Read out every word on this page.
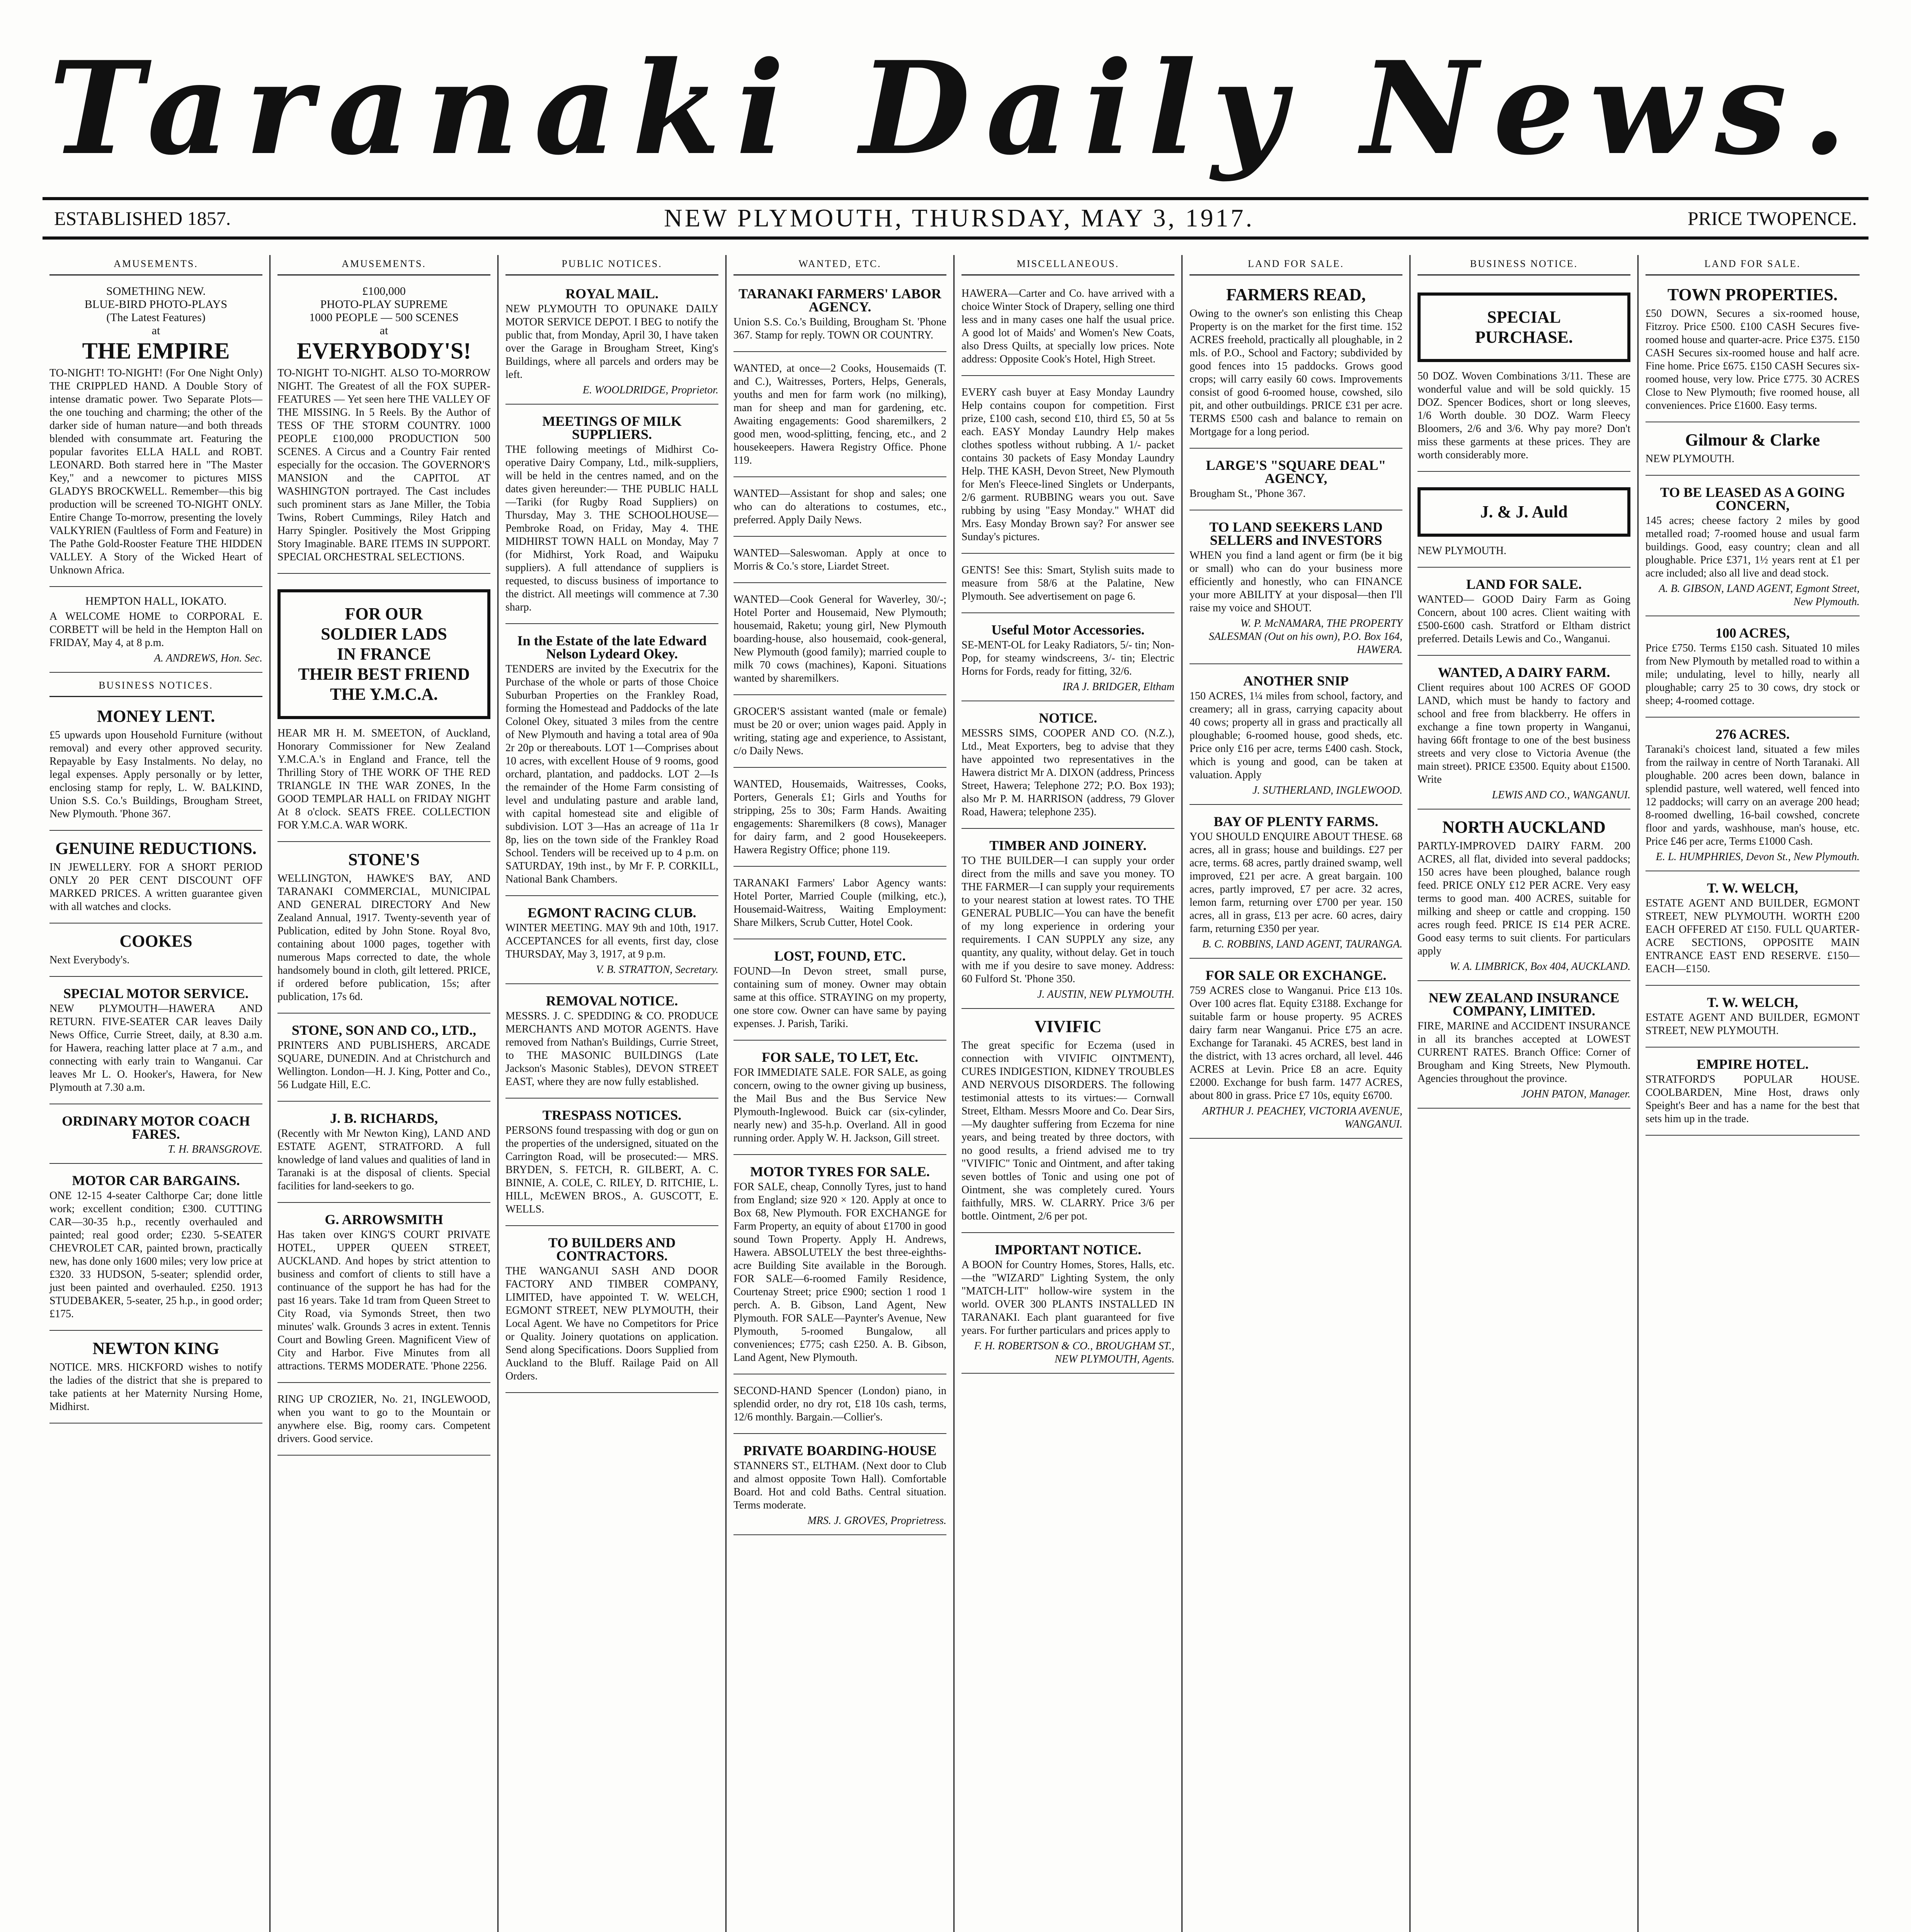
Taranaki Daily News.
ESTABLISHED 1857.	NEW PLYMOUTH, THURSDAY, MAY 3, 1917.	PRICE TWOPENCE.
AMUSEMENTS.
SOMETHING NEW.
BLUE-BIRD PHOTO-PLAYS
(The Latest Features)
at
THE EMPIRE

TO-NIGHT! TO-NIGHT! (For One Night Only) THE CRIPPLED HAND. A Double Story of intense dramatic power. Two Separate Plots—the one touching and charming; the other of the darker side of human nature—and both threads blended with consummate art. Featuring the popular favorites ELLA HALL and ROBT. LEONARD. Both starred here in "The Master Key," and a newcomer to pictures MISS GLADYS BROCKWELL. Remember—this big production will be screened TO-NIGHT ONLY. Entire Change To-morrow, presenting the lovely VALKYRIEN (Faultless of Form and Feature) in The Pathe Gold-Rooster Feature THE HIDDEN VALLEY. A Story of the Wicked Heart of Unknown Africa.

HEMPTON HALL, IOKATO.

A WELCOME HOME to CORPORAL E. CORBETT will be held in the Hempton Hall on FRIDAY, May 4, at 8 p.m.

A. ANDREWS, Hon. Sec.
BUSINESS NOTICES.
MONEY LENT.

£5 upwards upon Household Furniture (without removal) and every other approved security. Repayable by Easy Instalments. No delay, no legal expenses. Apply personally or by letter, enclosing stamp for reply, L. W. BALKIND, Union S.S. Co.'s Buildings, Brougham Street, New Plymouth. 'Phone 367.

GENUINE REDUCTIONS.

IN JEWELLERY. FOR A SHORT PERIOD ONLY 20 PER CENT DISCOUNT OFF MARKED PRICES. A written guarantee given with all watches and clocks.

COOKES

Next Everybody's.

SPECIAL MOTOR SERVICE.

NEW PLYMOUTH—HAWERA AND RETURN. FIVE-SEATER CAR leaves Daily News Office, Currie Street, daily, at 8.30 a.m. for Hawera, reaching latter place at 7 a.m., and connecting with early train to Wanganui. Car leaves Mr L. O. Hooker's, Hawera, for New Plymouth at 7.30 a.m.

ORDINARY MOTOR COACH FARES.
T. H. BRANSGROVE.
MOTOR CAR BARGAINS.

ONE 12-15 4-seater Calthorpe Car; done little work; excellent condition; £300. CUTTING CAR—30-35 h.p., recently overhauled and painted; real good order; £230. 5-SEATER CHEVROLET CAR, painted brown, practically new, has done only 1600 miles; very low price at £320. 33 HUDSON, 5-seater; splendid order, just been painted and overhauled. £250. 1913 STUDEBAKER, 5-seater, 25 h.p., in good order; £175.

NEWTON KING

NOTICE. MRS. HICKFORD wishes to notify the ladies of the district that she is prepared to take patients at her Maternity Nursing Home, Midhirst.

AMUSEMENTS.
£100,000
PHOTO-PLAY SUPREME
1000 PEOPLE — 500 SCENES
at
EVERYBODY'S!

TO-NIGHT TO-NIGHT. ALSO TO-MORROW NIGHT. The Greatest of all the FOX SUPER-FEATURES — Yet seen here THE VALLEY OF THE MISSING. In 5 Reels. By the Author of TESS OF THE STORM COUNTRY. 1000 PEOPLE £100,000 PRODUCTION 500 SCENES. A Circus and a Country Fair rented especially for the occasion. The GOVERNOR'S MANSION and the CAPITOL AT WASHINGTON portrayed. The Cast includes such prominent stars as Jane Miller, the Tobia Twins, Robert Cummings, Riley Hatch and Harry Spingler. Positively the Most Gripping Story Imaginable. BARE ITEMS IN SUPPORT. SPECIAL ORCHESTRAL SELECTIONS.

FOR OUR
SOLDIER LADS
IN FRANCE
THEIR BEST FRIEND
THE Y.M.C.A.

HEAR MR H. M. SMEETON, of Auckland, Honorary Commissioner for New Zealand Y.M.C.A.'s in England and France, tell the Thrilling Story of THE WORK OF THE RED TRIANGLE IN THE WAR ZONES, In the GOOD TEMPLAR HALL on FRIDAY NIGHT At 8 o'clock. SEATS FREE. COLLECTION FOR Y.M.C.A. WAR WORK.

STONE'S

WELLINGTON, HAWKE'S BAY, AND TARANAKI COMMERCIAL, MUNICIPAL AND GENERAL DIRECTORY And New Zealand Annual, 1917. Twenty-seventh year of Publication, edited by John Stone. Royal 8vo, containing about 1000 pages, together with numerous Maps corrected to date, the whole handsomely bound in cloth, gilt lettered. PRICE, if ordered before publication, 15s; after publication, 17s 6d.

STONE, SON AND CO., LTD.,

PRINTERS AND PUBLISHERS, ARCADE SQUARE, DUNEDIN. And at Christchurch and Wellington. London—H. J. King, Potter and Co., 56 Ludgate Hill, E.C.

J. B. RICHARDS,

(Recently with Mr Newton King), LAND AND ESTATE AGENT, STRATFORD. A full knowledge of land values and qualities of land in Taranaki is at the disposal of clients. Special facilities for land-seekers to go.

G. ARROWSMITH

Has taken over KING'S COURT PRIVATE HOTEL, UPPER QUEEN STREET, AUCKLAND. And hopes by strict attention to business and comfort of clients to still have a continuance of the support he has had for the past 16 years. Take 1d tram from Queen Street to City Road, via Symonds Street, then two minutes' walk. Grounds 3 acres in extent. Tennis Court and Bowling Green. Magnificent View of City and Harbor. Five Minutes from all attractions. TERMS MODERATE. 'Phone 2256.

RING UP CROZIER, No. 21, INGLEWOOD, when you want to go to the Mountain or anywhere else. Big, roomy cars. Competent drivers. Good service.

PUBLIC NOTICES.
ROYAL MAIL.

NEW PLYMOUTH TO OPUNAKE DAILY MOTOR SERVICE DEPOT. I BEG to notify the public that, from Monday, April 30, I have taken over the Garage in Brougham Street, King's Buildings, where all parcels and orders may be left.

E. WOOLDRIDGE, Proprietor.
MEETINGS OF MILK SUPPLIERS.

THE following meetings of Midhirst Co-operative Dairy Company, Ltd., milk-suppliers, will be held in the centres named, and on the dates given hereunder:— THE PUBLIC HALL—Tariki (for Rugby Road Suppliers) on Thursday, May 3. THE SCHOOLHOUSE—Pembroke Road, on Friday, May 4. THE MIDHIRST TOWN HALL on Monday, May 7 (for Midhirst, York Road, and Waipuku suppliers). A full attendance of suppliers is requested, to discuss business of importance to the district. All meetings will commence at 7.30 sharp.

In the Estate of the late Edward Nelson Lydeard Okey.

TENDERS are invited by the Executrix for the Purchase of the whole or parts of those Choice Suburban Properties on the Frankley Road, forming the Homestead and Paddocks of the late Colonel Okey, situated 3 miles from the centre of New Plymouth and having a total area of 90a 2r 20p or thereabouts. LOT 1—Comprises about 10 acres, with excellent House of 9 rooms, good orchard, plantation, and paddocks. LOT 2—Is the remainder of the Home Farm consisting of level and undulating pasture and arable land, with capital homestead site and eligible of subdivision. LOT 3—Has an acreage of 11a 1r 8p, lies on the town side of the Frankley Road School. Tenders will be received up to 4 p.m. on SATURDAY, 19th inst., by Mr F. P. CORKILL, National Bank Chambers.

EGMONT RACING CLUB.

WINTER MEETING. MAY 9th and 10th, 1917. ACCEPTANCES for all events, first day, close THURSDAY, May 3, 1917, at 9 p.m.

V. B. STRATTON, Secretary.
REMOVAL NOTICE.

MESSRS. J. C. SPEDDING & CO. PRODUCE MERCHANTS AND MOTOR AGENTS. Have removed from Nathan's Buildings, Currie Street, to THE MASONIC BUILDINGS (Late Jackson's Masonic Stables), DEVON STREET EAST, where they are now fully established.

TRESPASS NOTICES.

PERSONS found trespassing with dog or gun on the properties of the undersigned, situated on the Carrington Road, will be prosecuted:— MRS. BRYDEN, S. FETCH, R. GILBERT, A. C. BINNIE, A. COLE, C. RILEY, D. RITCHIE, L. HILL, McEWEN BROS., A. GUSCOTT, E. WELLS.

TO BUILDERS AND CONTRACTORS.

THE WANGANUI SASH AND DOOR FACTORY AND TIMBER COMPANY, LIMITED, have appointed T. W. WELCH, EGMONT STREET, NEW PLYMOUTH, their Local Agent. We have no Competitors for Price or Quality. Joinery quotations on application. Send along Specifications. Doors Supplied from Auckland to the Bluff. Railage Paid on All Orders.

WANTED, ETC.
TARANAKI FARMERS' LABOR AGENCY.

Union S.S. Co.'s Building, Brougham St. 'Phone 367. Stamp for reply. TOWN OR COUNTRY.

WANTED, at once—2 Cooks, Housemaids (T. and C.), Waitresses, Porters, Helps, Generals, youths and men for farm work (no milking), man for sheep and man for gardening, etc. Awaiting engagements: Good sharemilkers, 2 good men, wood-splitting, fencing, etc., and 2 housekeepers. Hawera Registry Office. Phone 119.

WANTED—Assistant for shop and sales; one who can do alterations to costumes, etc., preferred. Apply Daily News.

WANTED—Saleswoman. Apply at once to Morris & Co.'s store, Liardet Street.

WANTED—Cook General for Waverley, 30/-; Hotel Porter and Housemaid, New Plymouth; housemaid, Raketu; young girl, New Plymouth boarding-house, also housemaid, cook-general, New Plymouth (good family); married couple to milk 70 cows (machines), Kaponi. Situations wanted by sharemilkers.

GROCER'S assistant wanted (male or female) must be 20 or over; union wages paid. Apply in writing, stating age and experience, to Assistant, c/o Daily News.

WANTED, Housemaids, Waitresses, Cooks, Porters, Generals £1; Girls and Youths for stripping, 25s to 30s; Farm Hands. Awaiting engagements: Sharemilkers (8 cows), Manager for dairy farm, and 2 good Housekeepers. Hawera Registry Office; phone 119.

TARANAKI Farmers' Labor Agency wants: Hotel Porter, Married Couple (milking, etc.), Housemaid-Waitress, Waiting Employment: Share Milkers, Scrub Cutter, Hotel Cook.

LOST, FOUND, ETC.

FOUND—In Devon street, small purse, containing sum of money. Owner may obtain same at this office. STRAYING on my property, one store cow. Owner can have same by paying expenses. J. Parish, Tariki.

FOR SALE, TO LET, Etc.

FOR IMMEDIATE SALE. FOR SALE, as going concern, owing to the owner giving up business, the Mail Bus and the Bus Service New Plymouth-Inglewood. Buick car (six-cylinder, nearly new) and 35-h.p. Overland. All in good running order. Apply W. H. Jackson, Gill street.

MOTOR TYRES FOR SALE.

FOR SALE, cheap, Connolly Tyres, just to hand from England; size 920 × 120. Apply at once to Box 68, New Plymouth. FOR EXCHANGE for Farm Property, an equity of about £1700 in good sound Town Property. Apply H. Andrews, Hawera. ABSOLUTELY the best three-eighths-acre Building Site available in the Borough. FOR SALE—6-roomed Family Residence, Courtenay Street; price £900; section 1 rood 1 perch. A. B. Gibson, Land Agent, New Plymouth. FOR SALE—Paynter's Avenue, New Plymouth, 5-roomed Bungalow, all conveniences; £775; cash £250. A. B. Gibson, Land Agent, New Plymouth.

SECOND-HAND Spencer (London) piano, in splendid order, no dry rot, £18 10s cash, terms, 12/6 monthly. Bargain.—Collier's.

PRIVATE BOARDING-HOUSE

STANNERS ST., ELTHAM. (Next door to Club and almost opposite Town Hall). Comfortable Board. Hot and cold Baths. Central situation. Terms moderate.

MRS. J. GROVES, Proprietress.
MISCELLANEOUS.

HAWERA—Carter and Co. have arrived with a choice Winter Stock of Drapery, selling one third less and in many cases one half the usual price. A good lot of Maids' and Women's New Coats, also Dress Quilts, at specially low prices. Note address: Opposite Cook's Hotel, High Street.

EVERY cash buyer at Easy Monday Laundry Help contains coupon for competition. First prize, £100 cash, second £10, third £5, 50 at 5s each. EASY Monday Laundry Help makes clothes spotless without rubbing. A 1/- packet contains 30 packets of Easy Monday Laundry Help. THE KASH, Devon Street, New Plymouth for Men's Fleece-lined Singlets or Underpants, 2/6 garment. RUBBING wears you out. Save rubbing by using "Easy Monday." WHAT did Mrs. Easy Monday Brown say? For answer see Sunday's pictures.

GENTS! See this: Smart, Stylish suits made to measure from 58/6 at the Palatine, New Plymouth. See advertisement on page 6.

Useful Motor Accessories.

SE-MENT-OL for Leaky Radiators, 5/- tin; Non-Pop, for steamy windscreens, 3/- tin; Electric Horns for Fords, ready for fitting, 32/6.

IRA J. BRIDGER, Eltham
NOTICE.

MESSRS SIMS, COOPER AND CO. (N.Z.), Ltd., Meat Exporters, beg to advise that they have appointed two representatives in the Hawera district Mr A. DIXON (address, Princess Street, Hawera; Telephone 272; P.O. Box 193); also Mr P. M. HARRISON (address, 79 Glover Road, Hawera; telephone 235).

TIMBER AND JOINERY.

TO THE BUILDER—I can supply your order direct from the mills and save you money. TO THE FARMER—I can supply your requirements to your nearest station at lowest rates. TO THE GENERAL PUBLIC—You can have the benefit of my long experience in ordering your requirements. I CAN SUPPLY any size, any quantity, any quality, without delay. Get in touch with me if you desire to save money. Address: 60 Fulford St. 'Phone 350.

J. AUSTIN, NEW PLYMOUTH.
VIVIFIC

The great specific for Eczema (used in connection with VIVIFIC OINTMENT), CURES INDIGESTION, KIDNEY TROUBLES AND NERVOUS DISORDERS. The following testimonial attests to its virtues:— Cornwall Street, Eltham. Messrs Moore and Co. Dear Sirs,—My daughter suffering from Eczema for nine years, and being treated by three doctors, with no good results, a friend advised me to try "VIVIFIC" Tonic and Ointment, and after taking seven bottles of Tonic and using one pot of Ointment, she was completely cured. Yours faithfully, MRS. W. CLARRY. Price 3/6 per bottle. Ointment, 2/6 per pot.

IMPORTANT NOTICE.

A BOON for Country Homes, Stores, Halls, etc.—the "WIZARD" Lighting System, the only "MATCH-LIT" hollow-wire system in the world. OVER 300 PLANTS INSTALLED IN TARANAKI. Each plant guaranteed for five years. For further particulars and prices apply to

F. H. ROBERTSON & CO., BROUGHAM ST., NEW PLYMOUTH, Agents.
LAND FOR SALE.
FARMERS READ,

Owing to the owner's son enlisting this Cheap Property is on the market for the first time. 152 ACRES freehold, practically all ploughable, in 2 mls. of P.O., School and Factory; subdivided by good fences into 15 paddocks. Grows good crops; will carry easily 60 cows. Improvements consist of good 6-roomed house, cowshed, silo pit, and other outbuildings. PRICE £31 per acre. TERMS £500 cash and balance to remain on Mortgage for a long period.

LARGE'S "SQUARE DEAL" AGENCY,

Brougham St., 'Phone 367.

TO LAND SEEKERS LAND SELLERS and INVESTORS

WHEN you find a land agent or firm (be it big or small) who can do your business more efficiently and honestly, who can FINANCE your more ABILITY at your disposal—then I'll raise my voice and SHOUT.

W. P. McNAMARA, THE PROPERTY SALESMAN (Out on his own), P.O. Box 164, HAWERA.
ANOTHER SNIP

150 ACRES, 1¼ miles from school, factory, and creamery; all in grass, carrying capacity about 40 cows; property all in grass and practically all ploughable; 6-roomed house, good sheds, etc. Price only £16 per acre, terms £400 cash. Stock, which is young and good, can be taken at valuation. Apply

J. SUTHERLAND, INGLEWOOD.
BAY OF PLENTY FARMS.

YOU SHOULD ENQUIRE ABOUT THESE. 68 acres, all in grass; house and buildings. £27 per acre, terms. 68 acres, partly drained swamp, well improved, £21 per acre. A great bargain. 100 acres, partly improved, £7 per acre. 32 acres, lemon farm, returning over £700 per year. 150 acres, all in grass, £13 per acre. 60 acres, dairy farm, returning £350 per year.

B. C. ROBBINS, LAND AGENT, TAURANGA.
FOR SALE OR EXCHANGE.

759 ACRES close to Wanganui. Price £13 10s. Over 100 acres flat. Equity £3188. Exchange for suitable farm or house property. 95 ACRES dairy farm near Wanganui. Price £75 an acre. Exchange for Taranaki. 45 ACRES, best land in the district, with 13 acres orchard, all level. 446 ACRES at Levin. Price £8 an acre. Equity £2000. Exchange for bush farm. 1477 ACRES, about 800 in grass. Price £7 10s, equity £6700.

ARTHUR J. PEACHEY, VICTORIA AVENUE, WANGANUI.
BUSINESS NOTICE.
SPECIAL
PURCHASE.

50 DOZ. Woven Combinations 3/11. These are wonderful value and will be sold quickly. 15 DOZ. Spencer Bodices, short or long sleeves, 1/6 Worth double. 30 DOZ. Warm Fleecy Bloomers, 2/6 and 3/6. Why pay more? Don't miss these garments at these prices. They are worth considerably more.

J. & J. Auld

NEW PLYMOUTH.

LAND FOR SALE.

WANTED— GOOD Dairy Farm as Going Concern, about 100 acres. Client waiting with £500-£600 cash. Stratford or Eltham district preferred. Details Lewis and Co., Wanganui.

WANTED, A DAIRY FARM.

Client requires about 100 ACRES OF GOOD LAND, which must be handy to factory and school and free from blackberry. He offers in exchange a fine town property in Wanganui, having 66ft frontage to one of the best business streets and very close to Victoria Avenue (the main street). PRICE £3500. Equity about £1500. Write

LEWIS AND CO., WANGANUI.
NORTH AUCKLAND

PARTLY-IMPROVED DAIRY FARM. 200 ACRES, all flat, divided into several paddocks; 150 acres have been ploughed, balance rough feed. PRICE ONLY £12 PER ACRE. Very easy terms to good man. 400 ACRES, suitable for milking and sheep or cattle and cropping. 150 acres rough feed. PRICE IS £14 PER ACRE. Good easy terms to suit clients. For particulars apply

W. A. LIMBRICK, Box 404, AUCKLAND.
NEW ZEALAND INSURANCE COMPANY, LIMITED.

FIRE, MARINE and ACCIDENT INSURANCE in all its branches accepted at LOWEST CURRENT RATES. Branch Office: Corner of Brougham and King Streets, New Plymouth. Agencies throughout the province.

JOHN PATON, Manager.
LAND FOR SALE.
TOWN PROPERTIES.

£50 DOWN, Secures a six-roomed house, Fitzroy. Price £500. £100 CASH Secures five-roomed house and quarter-acre. Price £375. £150 CASH Secures six-roomed house and half acre. Fine home. Price £675. £150 CASH Secures six-roomed house, very low. Price £775. 30 ACRES Close to New Plymouth; five roomed house, all conveniences. Price £1600. Easy terms.

Gilmour & Clarke

NEW PLYMOUTH.

TO BE LEASED AS A GOING CONCERN,

145 acres; cheese factory 2 miles by good metalled road; 7-roomed house and usual farm buildings. Good, easy country; clean and all ploughable. Price £371, 1½ years rent at £1 per acre included; also all live and dead stock.

A. B. GIBSON, LAND AGENT, Egmont Street, New Plymouth.
100 ACRES,

Price £750. Terms £150 cash. Situated 10 miles from New Plymouth by metalled road to within a mile; undulating, level to hilly, nearly all ploughable; carry 25 to 30 cows, dry stock or sheep; 4-roomed cottage.

276 ACRES.

Taranaki's choicest land, situated a few miles from the railway in centre of North Taranaki. All ploughable. 200 acres been down, balance in splendid pasture, well watered, well fenced into 12 paddocks; will carry on an average 200 head; 8-roomed dwelling, 16-bail cowshed, concrete floor and yards, washhouse, man's house, etc. Price £46 per acre, Terms £1000 Cash.

E. L. HUMPHRIES, Devon St., New Plymouth.
T. W. WELCH,

ESTATE AGENT AND BUILDER, EGMONT STREET, NEW PLYMOUTH. WORTH £200 EACH OFFERED AT £150. FULL QUARTER-ACRE SECTIONS, OPPOSITE MAIN ENTRANCE EAST END RESERVE. £150—EACH—£150.

T. W. WELCH,

ESTATE AGENT AND BUILDER, EGMONT STREET, NEW PLYMOUTH.

EMPIRE HOTEL.

STRATFORD'S POPULAR HOUSE. COOLBARDEN, Mine Host, draws only Speight's Beer and has a name for the best that sets him up in the trade.
